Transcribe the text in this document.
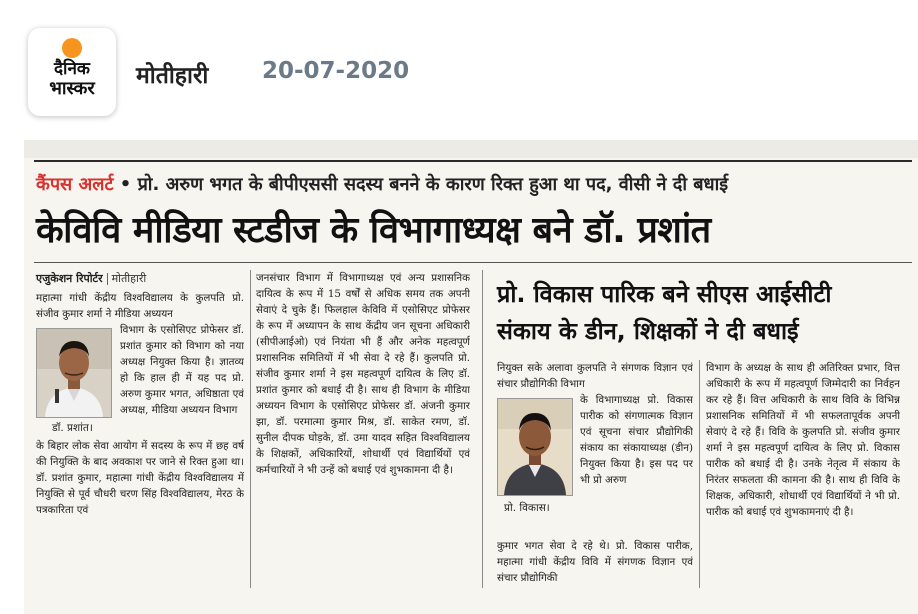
दैनिक
भास्कर	मोतीहारी 20-07-2020

कैंपस अलर्ट • प्रो. अरुण भगत के बीपीएससी सदस्य बनने के कारण रिक्त हुआ था पद, वीसी ने दी बधाई
केविवि मीडिया स्टडीज के विभागाध्यक्ष बने डॉ. प्रशांत
एजुकेशन रिपोर्टर मोतीहारी
महात्मा गांधी केंद्रीय विश्वविद्यालय के कुलपति प्रो. संजीव कुमार शर्मा ने मीडिया अध्ययन
डॉ. प्रशांत।
विभाग के एसोसिएट प्रोफेसर डॉ. प्रशांत कुमार को विभाग को नया अध्यक्ष नियुक्त किया है। ज्ञातव्य हो कि हाल ही में यह पद प्रो. अरुण कुमार भगत, अधिष्ठाता एवं अध्यक्ष, मीडिया अध्ययन विभाग
के बिहार लोक सेवा आयोग में सदस्य के रूप में छह वर्ष की नियुक्ति के बाद अवकाश पर जाने से रिक्त हुआ था। डॉ. प्रशांत कुमार, महात्मा गांधी केंद्रीय विश्वविद्यालय में नियुक्ति से पूर्व चौधरी चरण सिंह विश्वविद्यालय, मेरठ के पत्रकारिता एवं
जनसंचार विभाग में विभागाध्यक्ष एवं अन्य प्रशासनिक दायित्व के रूप में 15 वर्षों से अधिक समय तक अपनी सेवाएं दे चुके हैं। फिलहाल केविवि में एसोसिएट प्रोफेसर के रूप में अध्यापन के साथ केंद्रीय जन सूचना अधिकारी (सीपीआईओ) एवं नियंता भी हैं और अनेक महत्वपूर्ण प्रशासनिक समितियों में भी सेवा दे रहे हैं। कुलपति प्रो. संजीव कुमार शर्मा ने इस महत्वपूर्ण दायित्व के लिए डॉ. प्रशांत कुमार को बधाई दी है। साथ ही विभाग के मीडिया अध्ययन विभाग के एसोसिएट प्रोफेसर डॉ. अंजनी कुमार झा, डॉ. परमात्मा कुमार मिश्र, डॉ. साकेत रमण, डॉ. सुनील दीपक घोड़के, डॉ. उमा यादव सहित विश्वविद्यालय के शिक्षकों, अधिकारियों, शोधार्थी एवं विद्यार्थियों एवं कर्मचारियों ने भी उन्हें को बधाई एवं शुभकामना दी है।
प्रो. विकास पारिक बने सीएस आईसीटी
संकाय के डीन, शिक्षकों ने दी बधाई
नियुक्त सके अलावा कुलपति ने संगणक विज्ञान एवं संचार प्रौद्योगिकी विभाग
प्रो. विकास।
के विभागाध्यक्ष प्रो. विकास पारीक को संगणात्मक विज्ञान एवं सूचना संचार प्रौद्योगिकी संकाय का संकायाध्यक्ष (डीन) नियुक्त किया है। इस पद पर भी प्रो अरुण
कुमार भगत सेवा दे रहे थे। प्रो. विकास पारीक, महात्मा गांधी केंद्रीय विवि में संगणक विज्ञान एवं संचार प्रौद्योगिकी
विभाग के अध्यक्ष के साथ ही अतिरिक्त प्रभार, वित्त अधिकारी के रूप में महत्वपूर्ण जिम्मेदारी का निर्वहन कर रहे हैं। वित्त अधिकारी के साथ विवि के विभिन्न प्रशासनिक समितियों में भी सफलतापूर्वक अपनी सेवाएं दे रहे हैं। विवि के कुलपति प्रो. संजीव कुमार शर्मा ने इस महत्वपूर्ण दायित्व के लिए प्रो. विकास पारीक को बधाई दी है। उनके नेतृत्व में संकाय के निरंतर सफलता की कामना की है। साथ ही विवि के शिक्षक, अधिकारी, शोधार्थी एवं विद्यार्थियों ने भी प्रो. पारीक को बधाई एवं शुभकामनाएं दी है।
